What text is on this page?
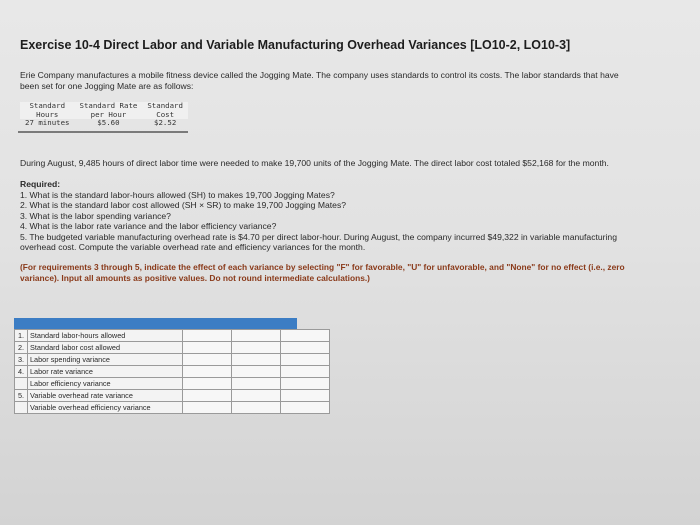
Exercise 10-4 Direct Labor and Variable Manufacturing Overhead Variances [LO10-2, LO10-3]
Erie Company manufactures a mobile fitness device called the Jogging Mate. The company uses standards to control its costs. The labor standards that have been set for one Jogging Mate are as follows:
Standard	Standard Rate	Standard
Hours	per Hour	Cost
27 minutes	$5.60	$2.52
During August, 9,485 hours of direct labor time were needed to make 19,700 units of the Jogging Mate. The direct labor cost totaled $52,168 for the month.
Required:
1. What is the standard labor-hours allowed (SH) to makes 19,700 Jogging Mates?
2. What is the standard labor cost allowed (SH × SR) to make 19,700 Jogging Mates?
3. What is the labor spending variance?
4. What is the labor rate variance and the labor efficiency variance?
5. The budgeted variable manufacturing overhead rate is $4.70 per direct labor-hour. During August, the company incurred $49,322 in variable manufacturing overhead cost. Compute the variable overhead rate and efficiency variances for the month.
(For requirements 3 through 5, indicate the effect of each variance by selecting "F" for favorable, "U" for unfavorable, and "None" for no effect (i.e., zero variance). Input all amounts as positive values. Do not round intermediate calculations.)
1.	Standard labor-hours allowed			
2.	Standard labor cost allowed			
3.	Labor spending variance			
4.	Labor rate variance			
	Labor efficiency variance			
5.	Variable overhead rate variance			
	Variable overhead efficiency variance			
